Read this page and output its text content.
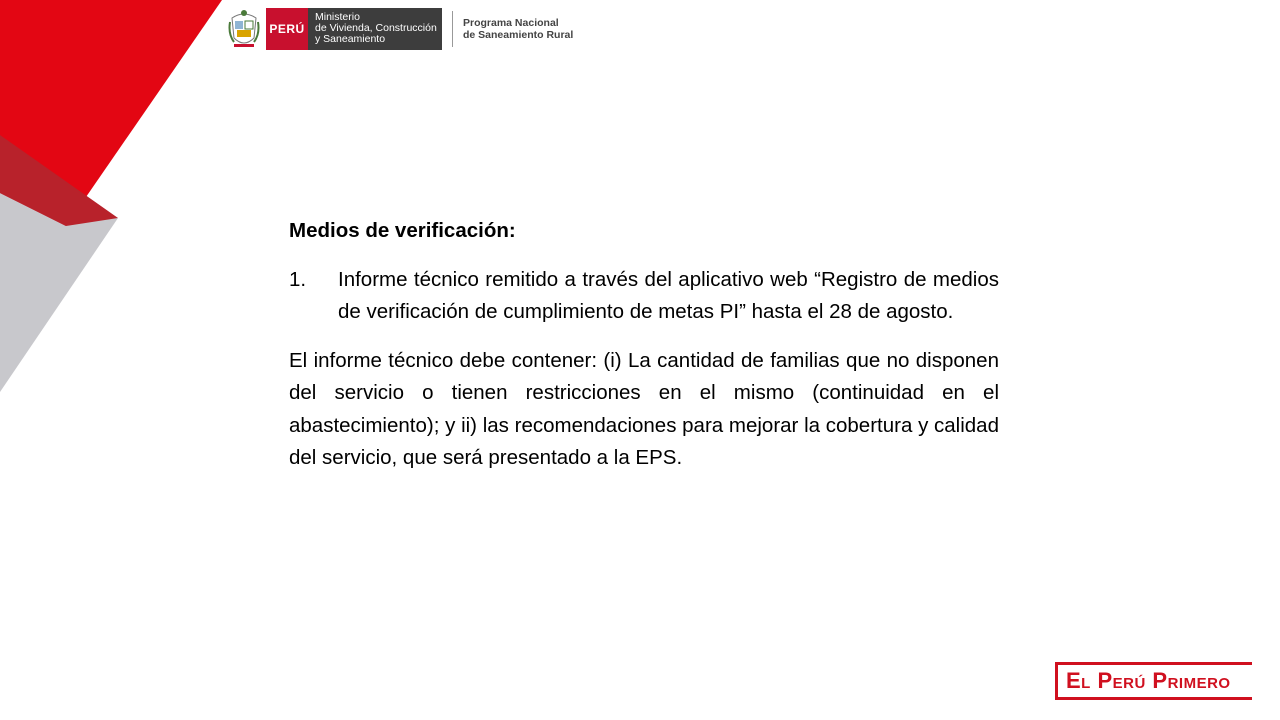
PERÚ
Ministerio
de Vivienda, Construcción
y Saneamiento
Programa Nacional
de Saneamiento Rural

Medios de verificación:

1.	Informe técnico remitido a través del aplicativo web “Registro de medios de verificación de cumplimiento de metas PI” hasta el 28 de agosto.

El informe técnico debe contener: (i) La cantidad de familias que no disponen del servicio o tienen restricciones en el mismo (continuidad en el abastecimiento); y ii) las recomendaciones para mejorar la cobertura y calidad del servicio, que será presentado a la EPS.

El Perú Primero
